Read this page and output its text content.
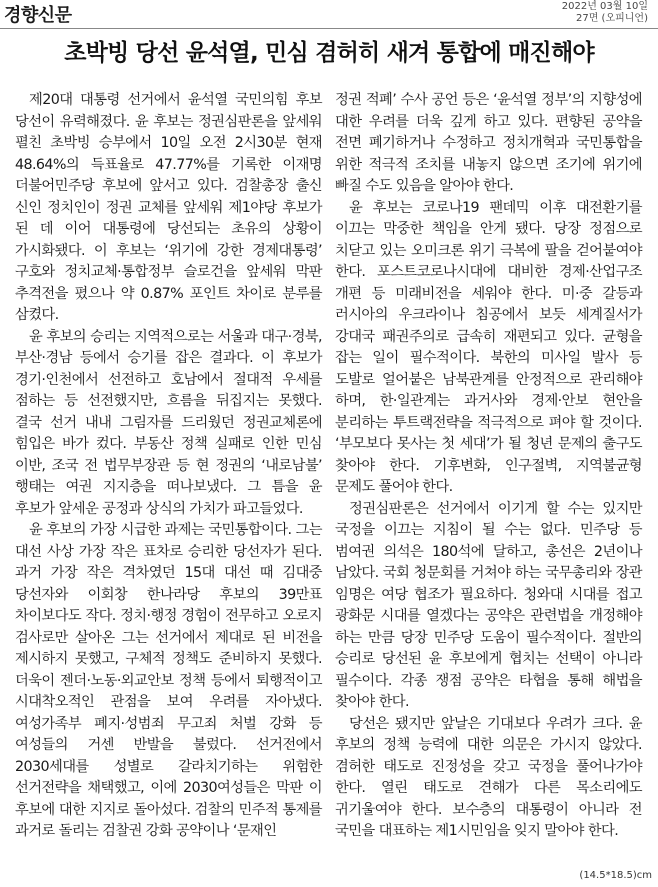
경향신문	2022년 03월 10일
27면 (오피니언)
초박빙 당선 윤석열, 민심 겸허히 새겨 통합에 매진해야

제20대 대통령 선거에서 윤석열 국민의힘 후보 당선이 유력해졌다. 윤 후보는 정권심판론을 앞세워 펼친 초박빙 승부에서 10일 오전 2시30분 현재 48.64%의 득표율로 47.77%를 기록한 이재명 더불어민주당 후보에 앞서고 있다. 검찰총장 출신 신인 정치인이 정권 교체를 앞세워 제1야당 후보가 된 데 이어 대통령에 당선되는 초유의 상황이 가시화됐다. 이 후보는 ‘위기에 강한 경제대통령’ 구호와 정치교체·통합정부 슬로건을 앞세워 막판 추격전을 폈으나 약 0.87% 포인트 차이로 분루를 삼켰다.

윤 후보의 승리는 지역적으로는 서울과 대구·경북, 부산·경남 등에서 승기를 잡은 결과다. 이 후보가 경기·인천에서 선전하고 호남에서 절대적 우세를 점하는 등 선전했지만, 흐름을 뒤집지는 못했다. 결국 선거 내내 그림자를 드리웠던 정권교체론에 힘입은 바가 컸다. 부동산 정책 실패로 인한 민심 이반, 조국 전 법무부장관 등 현 정권의 ‘내로남불’ 행태는 여권 지지층을 떠나보냈다. 그 틈을 윤 후보가 앞세운 공정과 상식의 가치가 파고들었다.

윤 후보의 가장 시급한 과제는 국민통합이다. 그는 대선 사상 가장 작은 표차로 승리한 당선자가 된다. 과거 가장 작은 격차였던 15대 대선 때 김대중 당선자와 이회창 한나라당 후보의 39만표 차이보다도 작다. 정치·행정 경험이 전무하고 오로지 검사로만 살아온 그는 선거에서 제대로 된 비전을 제시하지 못했고, 구체적 정책도 준비하지 못했다. 더욱이 젠더·노동·외교안보 정책 등에서 퇴행적이고 시대착오적인 관점을 보여 우려를 자아냈다. 여성가족부 폐지·성범죄 무고죄 처벌 강화 등 여성들의 거센 반발을 불렀다. 선거전에서 2030세대를 성별로 갈라치기하는 위험한 선거전략을 채택했고, 이에 2030여성들은 막판 이 후보에 대한 지지로 돌아섰다. 검찰의 민주적 통제를 과거로 돌리는 검찰권 강화 공약이나 ‘문재인

정권 적폐’ 수사 공언 등은 ‘윤석열 정부’의 지향성에 대한 우려를 더욱 깊게 하고 있다. 편향된 공약을 전면 폐기하거나 수정하고 정치개혁과 국민통합을 위한 적극적 조치를 내놓지 않으면 조기에 위기에 빠질 수도 있음을 알아야 한다.

윤 후보는 코로나19 팬데믹 이후 대전환기를 이끄는 막중한 책임을 안게 됐다. 당장 정점으로 치닫고 있는 오미크론 위기 극복에 팔을 걷어붙여야 한다. 포스트코로나시대에 대비한 경제·산업구조 개편 등 미래비전을 세워야 한다. 미·중 갈등과 러시아의 우크라이나 침공에서 보듯 세계질서가 강대국 패권주의로 급속히 재편되고 있다. 균형을 잡는 일이 필수적이다. 북한의 미사일 발사 등 도발로 얼어붙은 남북관계를 안정적으로 관리해야 하며, 한·일관계는 과거사와 경제·안보 현안을 분리하는 투트랙전략을 적극적으로 펴야 할 것이다. ‘부모보다 못사는 첫 세대’가 될 청년 문제의 출구도 찾아야 한다. 기후변화, 인구절벽, 지역불균형 문제도 풀어야 한다.

정권심판론은 선거에서 이기게 할 수는 있지만 국정을 이끄는 지침이 될 수는 없다. 민주당 등 범여권 의석은 180석에 달하고, 총선은 2년이나 남았다. 국회 청문회를 거쳐야 하는 국무총리와 장관 임명은 여당 협조가 필요하다. 청와대 시대를 접고 광화문 시대를 열겠다는 공약은 관련법을 개정해야 하는 만큼 당장 민주당 도움이 필수적이다. 절반의 승리로 당선된 윤 후보에게 협치는 선택이 아니라 필수이다. 각종 쟁점 공약은 타협을 통해 해법을 찾아야 한다.

당선은 됐지만 앞날은 기대보다 우려가 크다. 윤 후보의 정책 능력에 대한 의문은 가시지 않았다. 겸허한 태도로 진정성을 갖고 국정을 풀어나가야 한다. 열린 태도로 견해가 다른 목소리에도 귀기울여야 한다. 보수층의 대통령이 아니라 전 국민을 대표하는 제1시민임을 잊지 말아야 한다.

(14.5*18.5)cm
